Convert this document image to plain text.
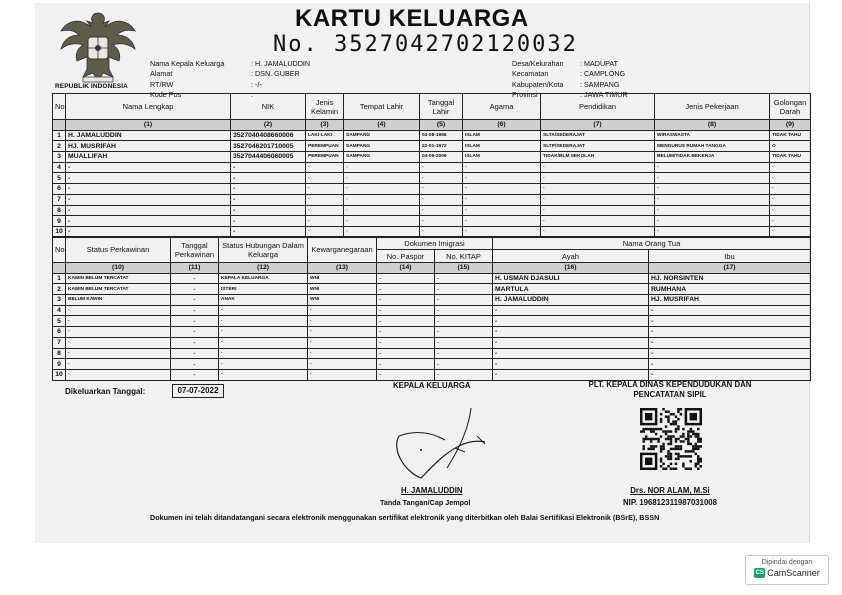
REPUBLIK INDONESIA
KARTU KELUARGA
No. 3527042702120032
Nama Kepala Keluarga	: H. JAMALUDDIN
Alamat	: DSN. GUBER
RT/RW	: -/-
Kode Pos	:
Desa/Kelurahan	: MADUPAT
Kecamatan	: CAMPLONG
Kabupaten/Kota	: SAMPANG
Provinsi	: JAWA TIMUR
No	Nama Lengkap	NIK	Jenis Kelamin	Tempat Lahir	Tanggal Lahir	Agama	Pendidikan	Jenis Pekerjaan	Golongan Darah
	(1)	(2)	(3)	(4)	(5)	(6)	(7)	(8)	(9)
1	H. JAMALUDDIN	3527040408660006	LAKI-LAKI	SAMPANG	04-08-1966	ISLAM	SLTA/SEDERAJAT	WIRASWASTA	TIDAK TAHU
2	HJ. MUSRIFAH	3527046201710005	PEREMPUAN	SAMPANG	22-01-1972	ISLAM	SLTP/SEDERAJAT	MENGURUS RUMAH TANGGA	O
3	MUALLIFAH	3527044406060005	PEREMPUAN	SAMPANG	04-06-2006	ISLAM	TIDAK/BLM SEKOLAH	BELUM/TIDAK BEKERJA	TIDAK TAHU
4	-	-	-	-	-	-	-	-	-
5	-	-	-	-	-	-	-	-	-
6	-	-	-	-	-	-	-	-	-
7	-	-	-	-	-	-	-	-	-
8	-	-	-	-	-	-	-	-	-
9	-	-	-	-	-	-	-	-	-
10	-	-	-	-	-	-	-	-	-
No	Status Perkawinan	Tanggal Perkawinan	Status Hubungan Dalam Keluarga	Kewarganegaraan	Dokumen Imigrasi		Nama Orang Tua	
					No. Paspor	No. KITAP	Ayah	Ibu
	(10)	(11)	(12)	(13)	(14)	(15)	(16)	(17)
1	KAWIN BELUM TERCATAT	-	KEPALA KELUARGA	WNI	-	-	H. USMAN DJASULI	HJ. NORSINTEN
2	KAWIN BELUM TERCATAT	-	ISTERI	WNI	-	-	MARTULA	RUMHANA
3	BELUM KAWIN	-	ANAK	WNI	-	-	H. JAMALUDDIN	HJ. MUSRIFAH
4	-	-	-	-	-	-	-	-
5	-	-	-	-	-	-	-	-
6	-	-	-	-	-	-	-	-
7	-	-	-	-	-	-	-	-
8	-	-	-	-	-	-	-	-
9	-	-	-	-	-	-	-	-
10	-	-	-	-	-	-	-	-
Dikeluarkan Tanggal:	07-07-2022
KEPALA KELUARGA	PLT. KEPALA DINAS KEPENDUDUKAN DAN PENCATATAN SIPIL
H. JAMALUDDIN
Tanda Tangan/Cap Jempol
Drs. NOR ALAM, M.Si
NIP. 196812311987031008
Dokumen ini telah ditandatangani secara elektronik menggunakan sertifikat elektronik yang diterbitkan oleh Balai Sertifikasi Elektronik (BSrE), BSSN
Dipindai dengan
CS CamScanner
